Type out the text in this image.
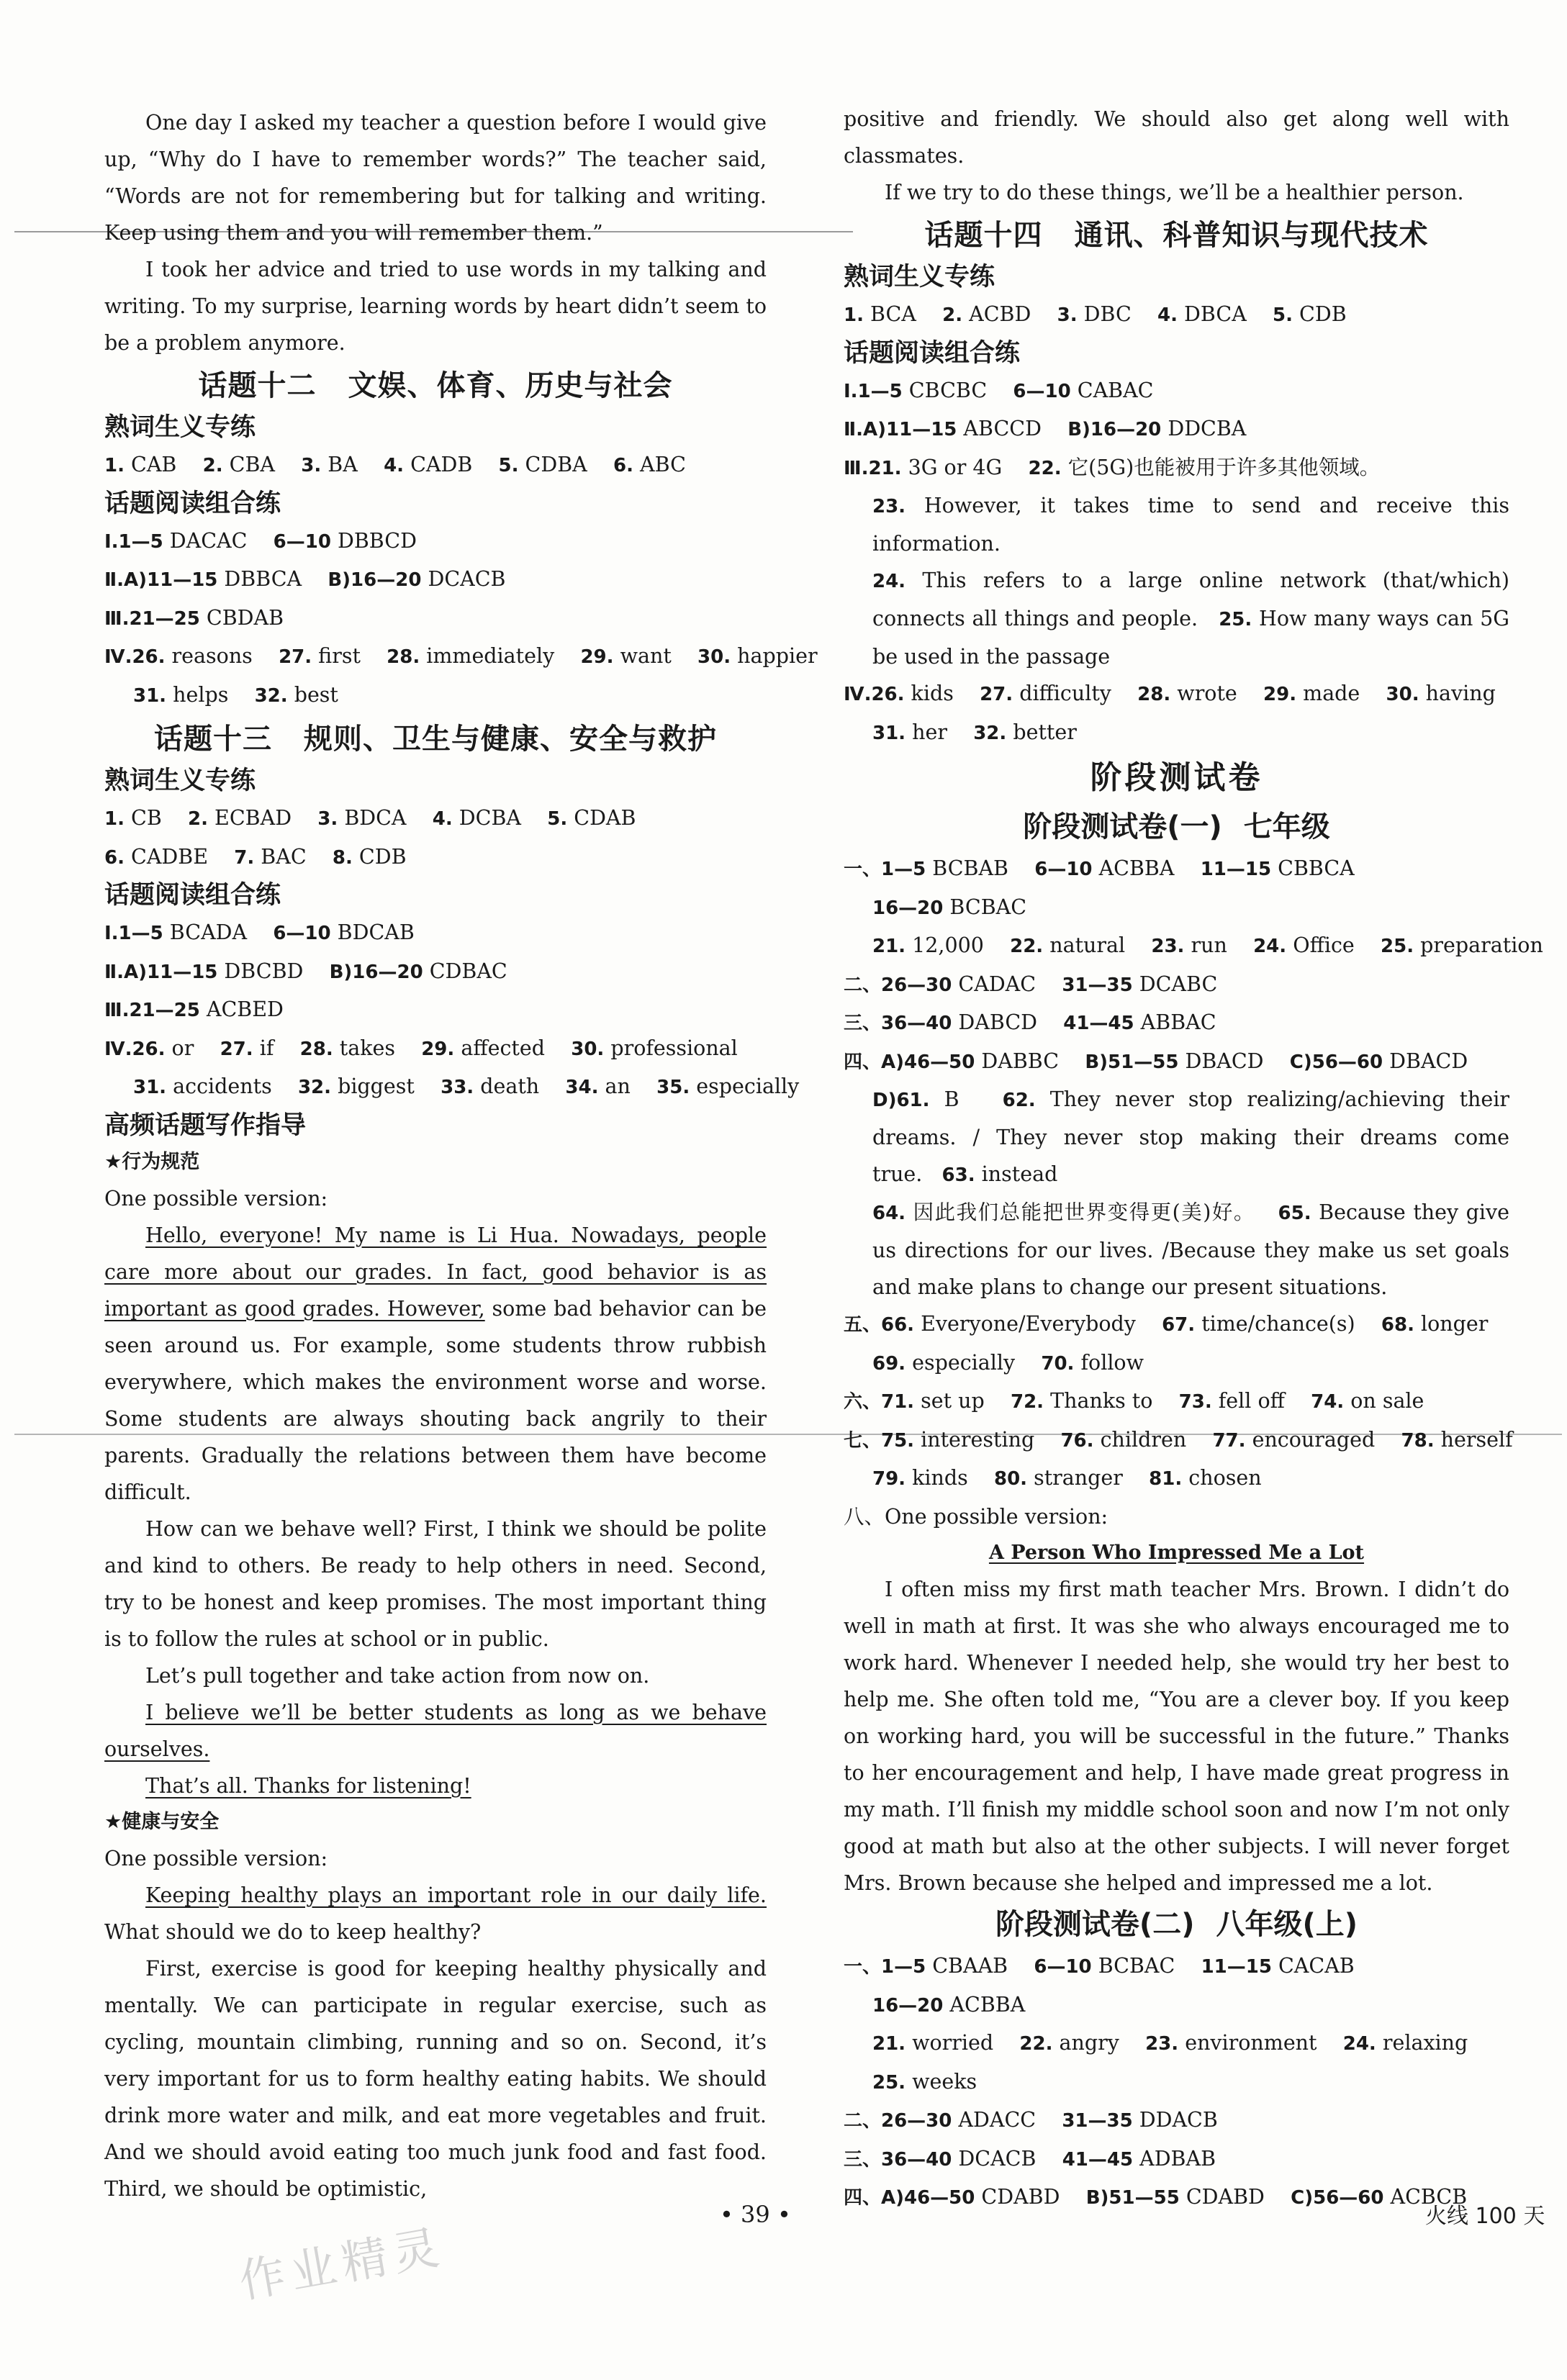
One day I asked my teacher a question before I would give up, “Why do I have to remember words?” The teacher said, “Words are not for remembering but for talking and writing. Keep using them and you will remember them.”

I took her advice and tried to use words in my talking and writing. To my surprise, learning words by heart didn’t seem to be a problem anymore.

话题十二 文娱、体育、历史与社会
熟词生义专练
1. CAB 2. CBA 3. BA 4. CADB 5. CDBA 6. ABC
话题阅读组合练
Ⅰ.1—5 DACAC 6—10 DBBCD
Ⅱ.A)11—15 DBBCA B)16—20 DCACB
Ⅲ.21—25 CBDAB
Ⅳ.26. reasons 27. first 28. immediately 29. want 30. happier
31. helps 32. best
话题十三 规则、卫生与健康、安全与救护
熟词生义专练
1. CB 2. ECBAD 3. BDCA 4. DCBA 5. CDAB
6. CADBE 7. BAC 8. CDB
话题阅读组合练
Ⅰ.1—5 BCADA 6—10 BDCAB
Ⅱ.A)11—15 DBCBD B)16—20 CDBAC
Ⅲ.21—25 ACBED
Ⅳ.26. or 27. if 28. takes 29. affected 30. professional
31. accidents 32. biggest 33. death 34. an 35. especially
高频话题写作指导
★行为规范

One possible version:

Hello, everyone! My name is Li Hua. Nowadays, people care more about our grades. In fact, good behavior is as important as good grades. However, some bad behavior can be seen around us. For example, some students throw rubbish everywhere, which makes the environment worse and worse. Some students are always shouting back angrily to their parents. Gradually the relations between them have become difficult.

How can we behave well? First, I think we should be polite and kind to others. Be ready to help others in need. Second, try to be honest and keep promises. The most important thing is to follow the rules at school or in public.

Let’s pull together and take action from now on.

I believe we’ll be better students as long as we behave ourselves.

That’s all. Thanks for listening!

★健康与安全

One possible version:

Keeping healthy plays an important role in our daily life. What should we do to keep healthy?

First, exercise is good for keeping healthy physically and mentally. We can participate in regular exercise, such as cycling, mountain climbing, running and so on. Second, it’s very important for us to form healthy eating habits. We should drink more water and milk, and eat more vegetables and fruit. And we should avoid eating too much junk food and fast food. Third, we should be optimistic,

positive and friendly. We should also get along well with classmates.

If we try to do these things, we’ll be a healthier person.

话题十四 通讯、科普知识与现代技术
熟词生义专练
1. BCA 2. ACBD 3. DBC 4. DBCA 5. CDB
话题阅读组合练
Ⅰ.1—5 CBCBC 6—10 CABAC
Ⅱ.A)11—15 ABCCD B)16—20 DDCBA
Ⅲ.21. 3G or 4G 22. 它(5G)也能被用于许多其他领域。

23. However, it takes time to send and receive this information.

24. This refers to a large online network (that/which) connects all things and people. 25. How many ways can 5G be used in the passage

Ⅳ.26. kids 27. difficulty 28. wrote 29. made 30. having
31. her 32. better
阶段测试卷
阶段测试卷(一) 七年级
一、1—5 BCBAB 6—10 ACBBA 11—15 CBBCA
16—20 BCBAC
21. 12,000 22. natural 23. run 24. Office 25. preparation
二、26—30 CADAC 31—35 DCABC
三、36—40 DABCD 41—45 ABBAC
四、A)46—50 DABBC B)51—55 DBACD C)56—60 DBACD

D)61. B 62. They never stop realizing/achieving their dreams. / They never stop making their dreams come true. 63. instead

64. 因此我们总能把世界变得更(美)好。 65. Because they give us directions for our lives. /Because they make us set goals and make plans to change our present situations.

五、66. Everyone/Everybody 67. time/chance(s) 68. longer
69. especially 70. follow
六、71. set up 72. Thanks to 73. fell off 74. on sale
七、75. interesting 76. children 77. encouraged 78. herself
79. kinds 80. stranger 81. chosen
八、One possible version:
A Person Who Impressed Me a Lot

I often miss my first math teacher Mrs. Brown. I didn’t do well in math at first. It was she who always encouraged me to work hard. Whenever I needed help, she would try her best to help me. She often told me, “You are a clever boy. If you keep on working hard, you will be successful in the future.” Thanks to her encouragement and help, I have made great progress in my math. I’ll finish my middle school soon and now I’m not only good at math but also at the other subjects. I will never forget Mrs. Brown because she helped and impressed me a lot.

阶段测试卷(二) 八年级(上)
一、1—5 CBAAB 6—10 BCBAC 11—15 CACAB
16—20 ACBBA
21. worried 22. angry 23. environment 24. relaxing
25. weeks
二、26—30 ADACC 31—35 DDACB
三、36—40 DCACB 41—45 ADBAB
四、A)46—50 CDABD B)51—55 CDABD C)56—60 ACBCB
• 39 •	火线 100 天
作业精灵
